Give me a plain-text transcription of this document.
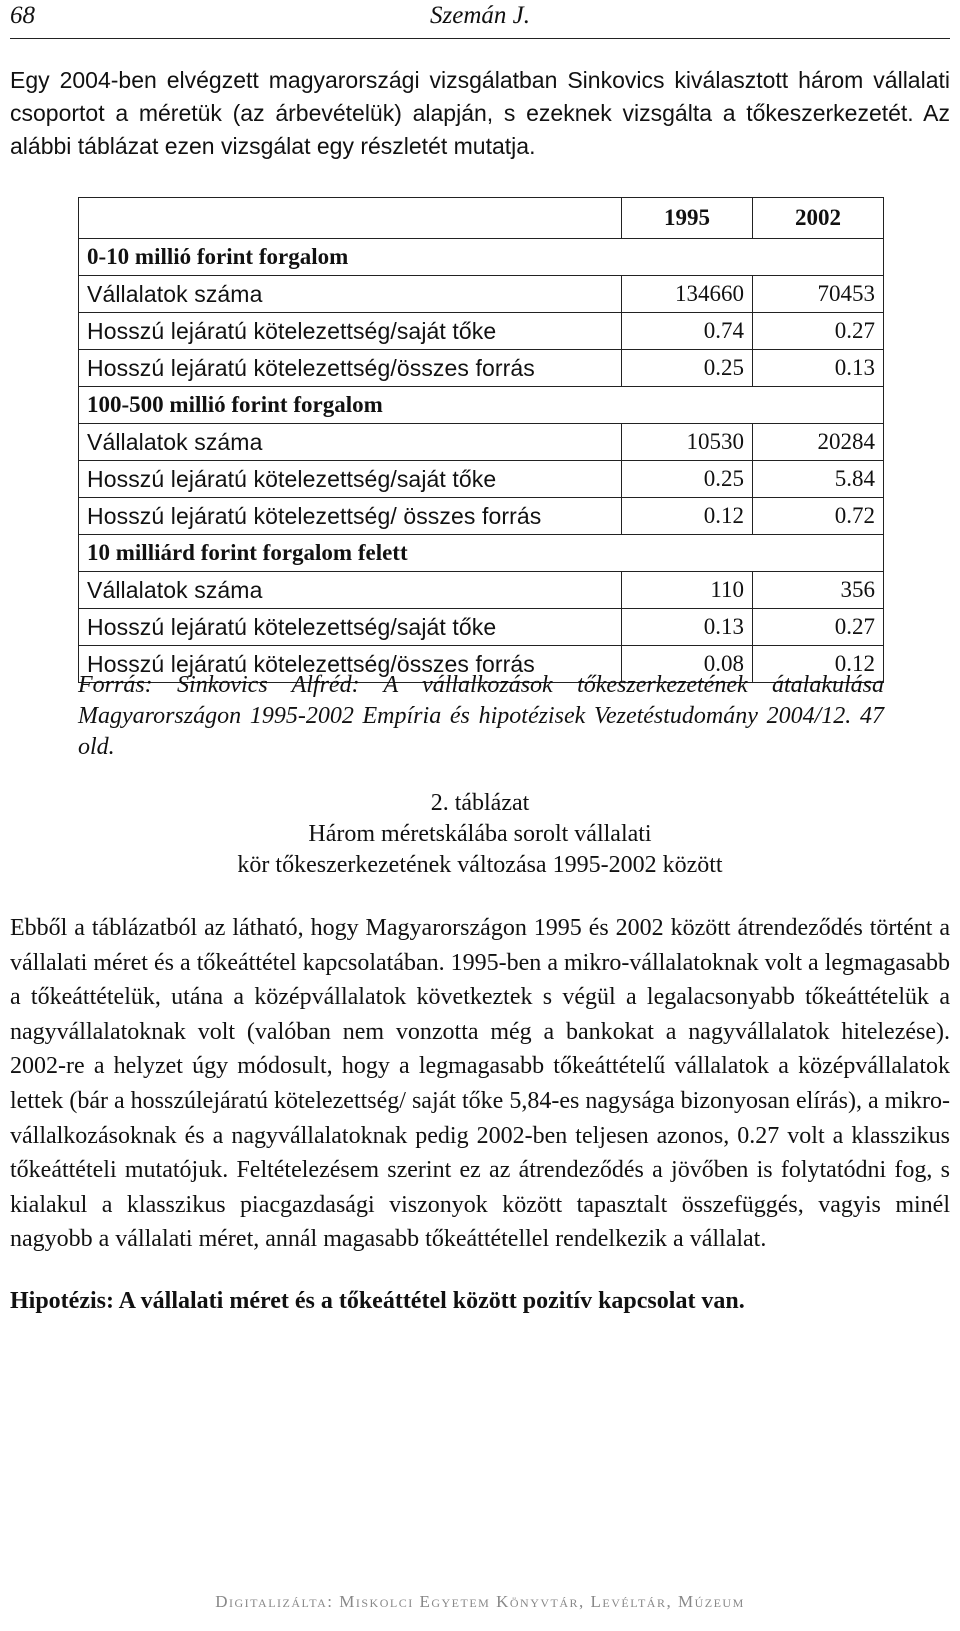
68	Szemán J.

Egy 2004-ben elvégzett magyarországi vizsgálatban Sinkovics kiválasztott három vállalati csoportot a méretük (az árbevételük) alapján, s ezeknek vizsgálta a tőkeszerkezetét. Az alábbi táblázat ezen vizsgálat egy részletét mutatja.

	1995	2002
0-10 millió forint forgalom		
Vállalatok száma	134660	70453
Hosszú lejáratú kötelezettség/saját tőke	0.74	0.27
Hosszú lejáratú kötelezettség/összes forrás	0.25	0.13
100-500 millió forint forgalom		
Vállalatok száma	10530	20284
Hosszú lejáratú kötelezettség/saját tőke	0.25	5.84
Hosszú lejáratú kötelezettség/ összes forrás	0.12	0.72
10 milliárd forint forgalom felett		
Vállalatok száma	110	356
Hosszú lejáratú kötelezettség/saját tőke	0.13	0.27
Hosszú lejáratú kötelezettség/összes forrás	0.08	0.12

Forrás: Sinkovics Alfréd: A vállalkozások tőkeszerkezetének átalakulása Magyarországon 1995-2002 Empíria és hipotézisek Vezetéstudomány 2004/12. 47 old.

2. táblázat
Három méretskálába sorolt vállalati
kör tőkeszerkezetének változása 1995-2002 között

Ebből a táblázatból az látható, hogy Magyarországon 1995 és 2002 között átrendeződés történt a vállalati méret és a tőkeáttétel kapcsolatában. 1995-ben a mikro-vállalatoknak volt a legmagasabb a tőkeáttételük, utána a középvállalatok következtek s végül a legalacsonyabb tőkeáttételük a nagyvállalatoknak volt (valóban nem vonzotta még a bankokat a nagyvállalatok hitelezése). 2002-re a helyzet úgy módosult, hogy a legmagasabb tőkeáttételű vállalatok a középvállalatok lettek (bár a hosszúlejáratú kötelezettség/ saját tőke 5,84-es nagysága bizonyosan elírás), a mikro-vállalkozásoknak és a nagyvállalatoknak pedig 2002-ben teljesen azonos, 0.27 volt a klasszikus tőkeáttételi mutatójuk. Feltételezésem szerint ez az átrendeződés a jövőben is folytatódni fog, s kialakul a klasszikus piacgazdasági viszonyok között tapasztalt összefüggés, vagyis minél nagyobb a vállalati méret, annál magasabb tőkeáttétellel rendelkezik a vállalat.

Hipotézis: A vállalati méret és a tőkeáttétel között pozitív kapcsolat van.
Digitalizálta: Miskolci Egyetem Könyvtár, Levéltár, Múzeum
